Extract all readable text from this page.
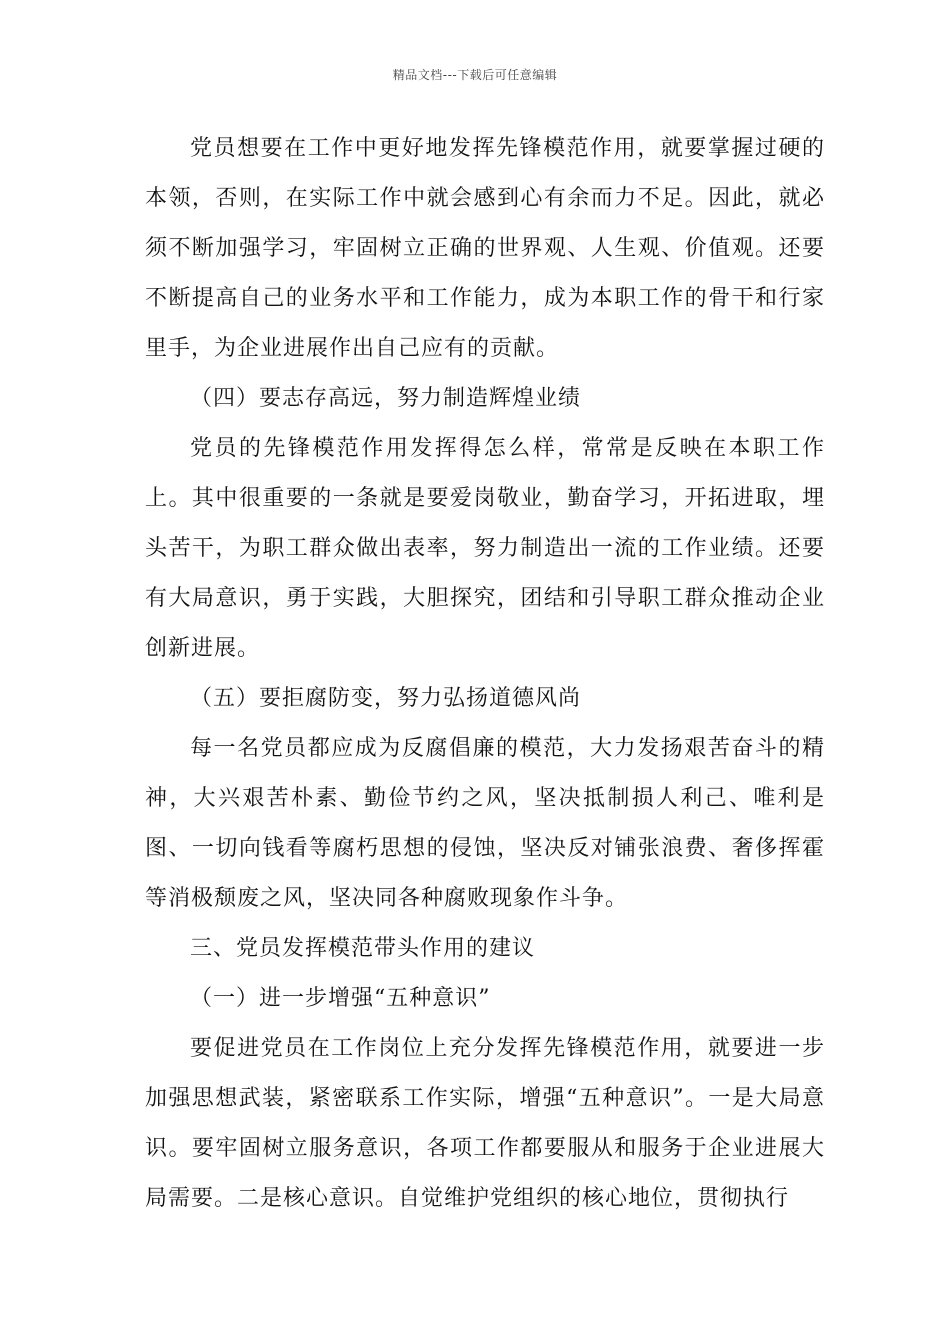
精品文档---下载后可任意编辑

党员想要在工作中更好地发挥先锋模范作用，就要掌握过硬的本领，否则，在实际工作中就会感到心有余而力不足。因此，就必须不断加强学习，牢固树立正确的世界观、人生观、价值观。还要不断提高自己的业务水平和工作能力，成为本职工作的骨干和行家里手，为企业进展作出自己应有的贡献。

（四）要志存高远，努力制造辉煌业绩

党员的先锋模范作用发挥得怎么样，常常是反映在本职工作上。其中很重要的一条就是要爱岗敬业，勤奋学习，开拓进取，埋头苦干，为职工群众做出表率，努力制造出一流的工作业绩。还要有大局意识，勇于实践，大胆探究，团结和引导职工群众推动企业创新进展。

（五）要拒腐防变，努力弘扬道德风尚

每一名党员都应成为反腐倡廉的模范，大力发扬艰苦奋斗的精神，大兴艰苦朴素、勤俭节约之风，坚决抵制损人利己、唯利是图、一切向钱看等腐朽思想的侵蚀，坚决反对铺张浪费、奢侈挥霍等消极颓废之风，坚决同各种腐败现象作斗争。

三、党员发挥模范带头作用的建议

（一）进一步增强“五种意识”

要促进党员在工作岗位上充分发挥先锋模范作用，就要进一步加强思想武装，紧密联系工作实际，增强“五种意识”。一是大局意识。要牢固树立服务意识，各项工作都要服从和服务于企业进展大局需要。二是核心意识。自觉维护党组织的核心地位，贯彻执行
